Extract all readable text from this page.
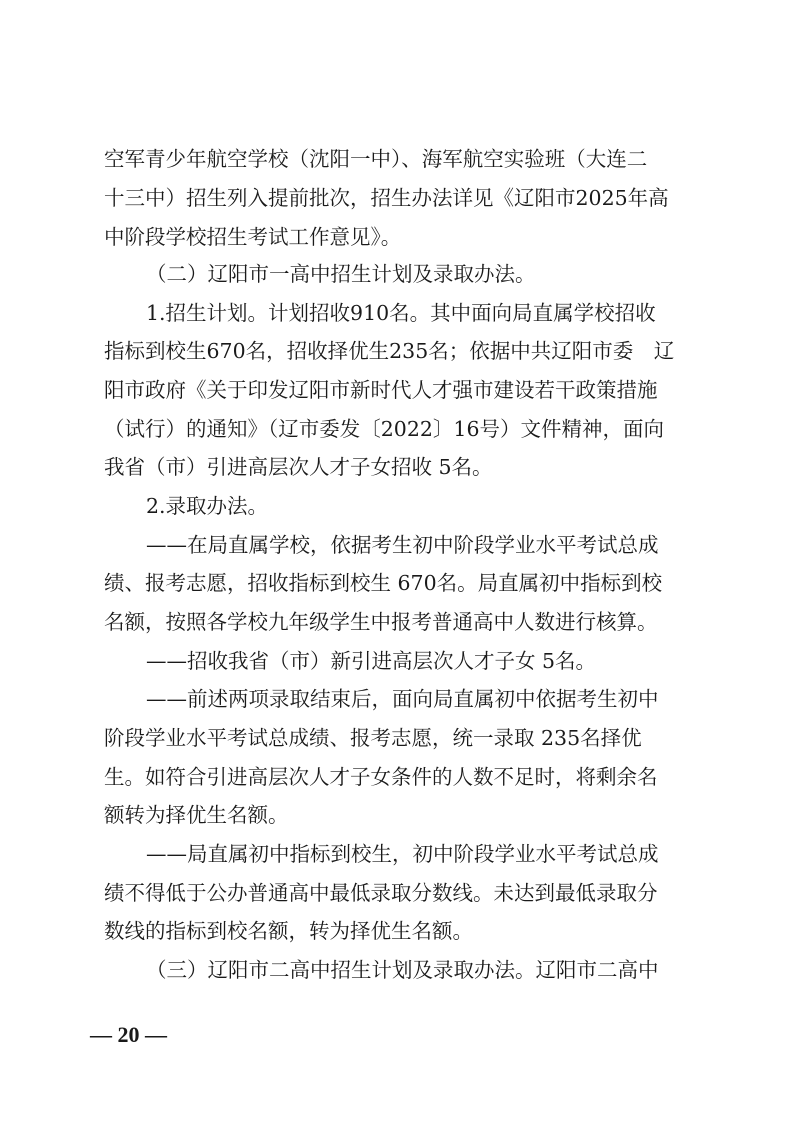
空军青少年航空学校（沈阳一中）、海军航空实验班（大连二
十三中）招生列入提前批次，招生办法详见《辽阳市2025年高
中阶段学校招生考试工作意见》。
（二）辽阳市一高中招生计划及录取办法。
1.招生计划。计划招收910名。其中面向局直属学校招收
指标到校生670名，招收择优生235名；依据中共辽阳市委　辽
阳市政府《关于印发辽阳市新时代人才强市建设若干政策措施
（试行）的通知》（辽市委发〔2022〕16号）文件精神，面向
我省（市）引进高层次人才子女招收 5名。
2.录取办法。
——在局直属学校，依据考生初中阶段学业水平考试总成
绩、报考志愿，招收指标到校生 670名。局直属初中指标到校
名额，按照各学校九年级学生中报考普通高中人数进行核算。
——招收我省（市）新引进高层次人才子女 5名。
——前述两项录取结束后，面向局直属初中依据考生初中
阶段学业水平考试总成绩、报考志愿，统一录取 235名择优
生。如符合引进高层次人才子女条件的人数不足时，将剩余名
额转为择优生名额。
——局直属初中指标到校生，初中阶段学业水平考试总成
绩不得低于公办普通高中最低录取分数线。未达到最低录取分
数线的指标到校名额，转为择优生名额。
（三）辽阳市二高中招生计划及录取办法。辽阳市二高中
— 20 —
